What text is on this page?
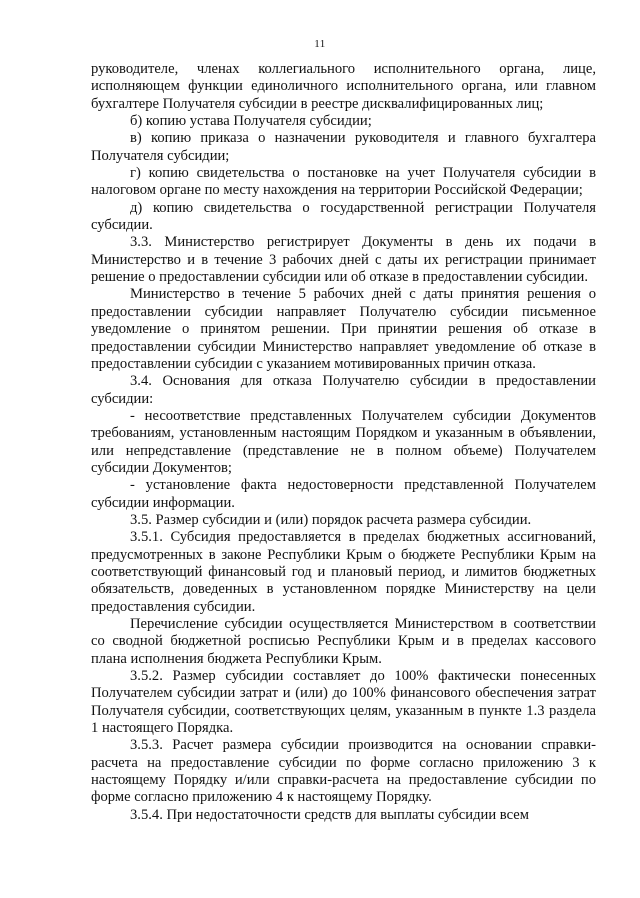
11

руководителе, членах коллегиального исполнительного органа, лице, исполняющем функции единоличного исполнительного органа, или главном бухгалтере Получателя субсидии в реестре дисквалифицированных лиц;

б) копию устава Получателя субсидии;

в) копию приказа о назначении руководителя и главного бухгалтера Получателя субсидии;

г) копию свидетельства о постановке на учет Получателя субсидии в налоговом органе по месту нахождения на территории Российской Федерации;

д) копию свидетельства о государственной регистрации Получателя субсидии.

3.3. Министерство регистрирует Документы в день их подачи в Министерство и в течение 3 рабочих дней с даты их регистрации принимает решение о предоставлении субсидии или об отказе в предоставлении субсидии.

Министерство в течение 5 рабочих дней с даты принятия решения о предоставлении субсидии направляет Получателю субсидии письменное уведомление о принятом решении. При принятии решения об отказе в предоставлении субсидии Министерство направляет уведомление об отказе в предоставлении субсидии с указанием мотивированных причин отказа.

3.4. Основания для отказа Получателю субсидии в предоставлении субсидии:

- несоответствие представленных Получателем субсидии Документов требованиям, установленным настоящим Порядком и указанным в объявлении, или непредставление (представление не в полном объеме) Получателем субсидии Документов;

- установление факта недостоверности представленной Получателем субсидии информации.

3.5. Размер субсидии и (или) порядок расчета размера субсидии.

3.5.1. Субсидия предоставляется в пределах бюджетных ассигнований, предусмотренных в законе Республики Крым о бюджете Республики Крым на соответствующий финансовый год и плановый период, и лимитов бюджетных обязательств, доведенных в установленном порядке Министерству на цели предоставления субсидии.

Перечисление субсидии осуществляется Министерством в соответствии со сводной бюджетной росписью Республики Крым и в пределах кассового плана исполнения бюджета Республики Крым.

3.5.2. Размер субсидии составляет до 100% фактически понесенных Получателем субсидии затрат и (или) до 100% финансового обеспечения затрат Получателя субсидии, соответствующих целям, указанным в пункте 1.3 раздела 1 настоящего Порядка.

3.5.3. Расчет размера субсидии производится на основании справки-расчета на предоставление субсидии по форме согласно приложению 3 к настоящему Порядку и/или справки-расчета на предоставление субсидии по форме согласно приложению 4 к настоящему Порядку.

3.5.4. При недостаточности средств для выплаты субсидии всем
